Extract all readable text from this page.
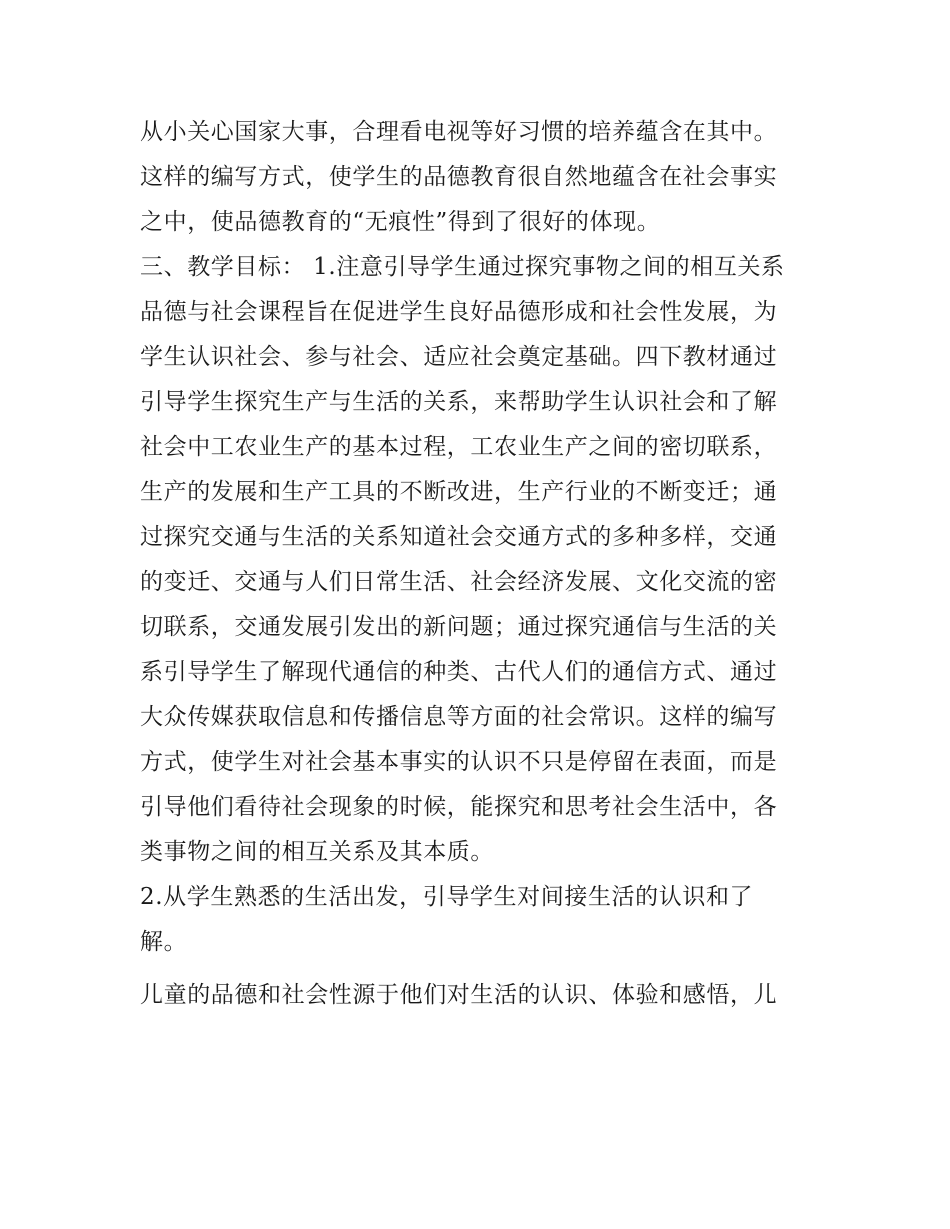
从小关心国家大事，合理看电视等好习惯的培养蕴含在其中。
这样的编写方式，使学生的品德教育很自然地蕴含在社会事实
之中，使品德教育的“无痕性”得到了很好的体现。
三、教学目标： 1.注意引导学生通过探究事物之间的相互关系
品德与社会课程旨在促进学生良好品德形成和社会性发展，为
学生认识社会、参与社会、适应社会奠定基础。四下教材通过
引导学生探究生产与生活的关系，来帮助学生认识社会和了解
社会中工农业生产的基本过程，工农业生产之间的密切联系，
生产的发展和生产工具的不断改进，生产行业的不断变迁；通
过探究交通与生活的关系知道社会交通方式的多种多样，交通
的变迁、交通与人们日常生活、社会经济发展、文化交流的密
切联系，交通发展引发出的新问题；通过探究通信与生活的关
系引导学生了解现代通信的种类、古代人们的通信方式、通过
大众传媒获取信息和传播信息等方面的社会常识。这样的编写
方式，使学生对社会基本事实的认识不只是停留在表面，而是
引导他们看待社会现象的时候，能探究和思考社会生活中，各
类事物之间的相互关系及其本质。
2.从学生熟悉的生活出发，引导学生对间接生活的认识和了
解。
儿童的品德和社会性源于他们对生活的认识、体验和感悟，儿
